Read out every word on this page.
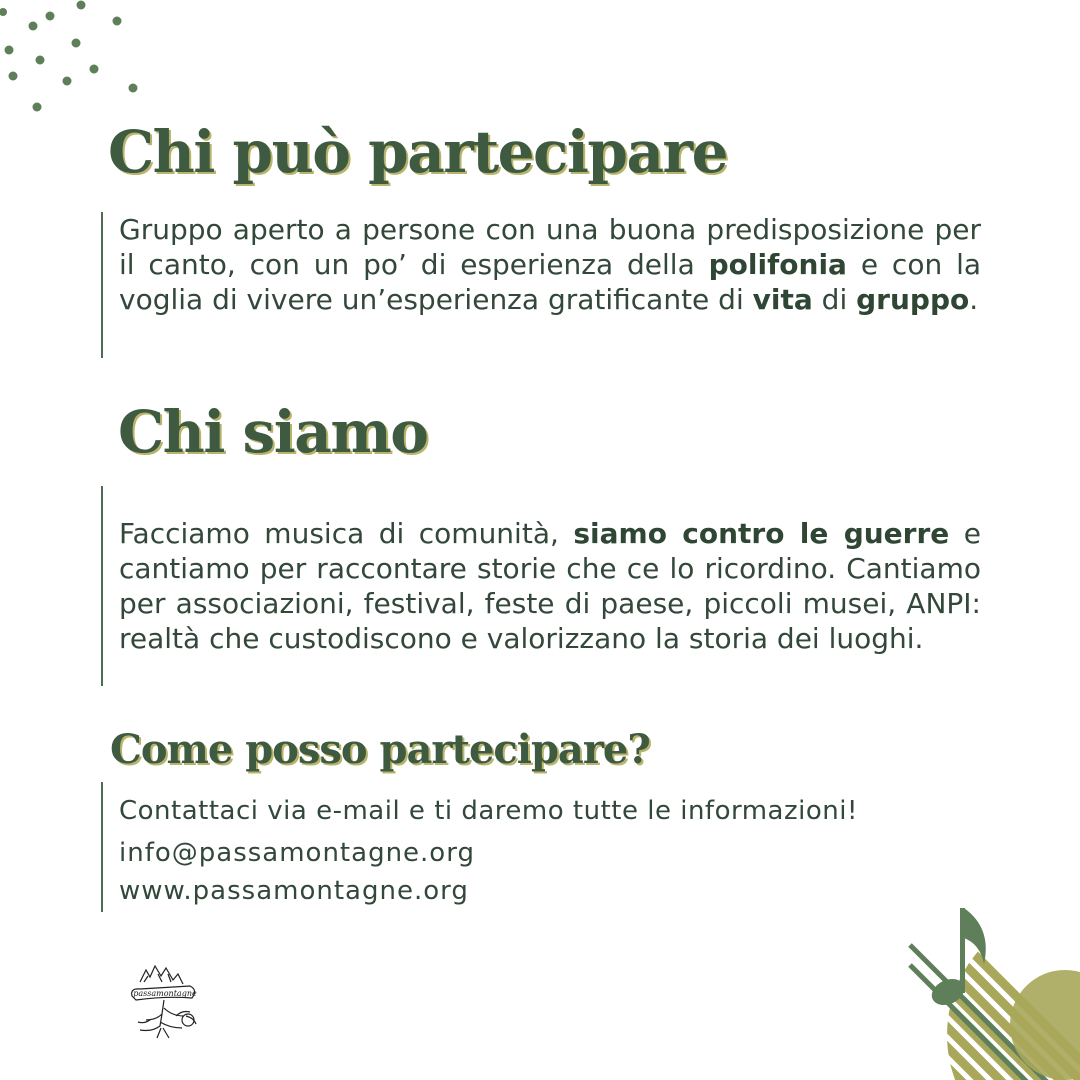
Chi può partecipare

Gruppo aperto a persone con una buona predisposizione per il canto, con un po’ di esperienza della polifonia e con la voglia di vivere un’esperienza gratificante di vita di gruppo.

Chi siamo

Facciamo musica di comunità, siamo contro le guerre e cantiamo per raccontare storie che ce lo ricordino. Cantiamo per associazioni, festival, feste di paese, piccoli musei, ANPI: realtà che custodiscono e valorizzano la storia dei luoghi.

Come posso partecipare?

Contattaci via e-mail e ti daremo tutte le informazioni!

info@passamontagne.org

www.passamontagne.org

passamontagne
